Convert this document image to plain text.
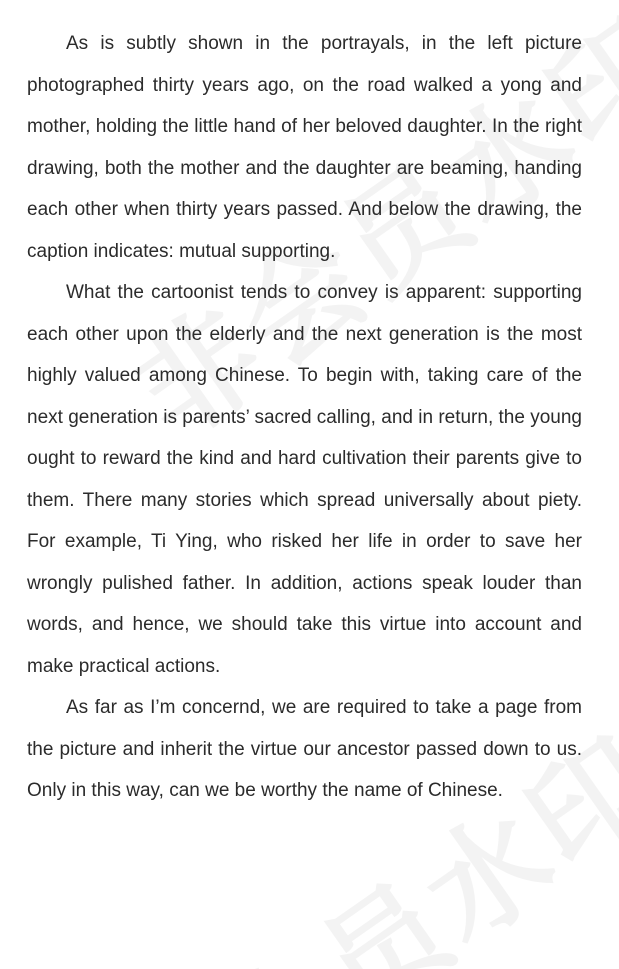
As is subtly shown in the portrayals, in the left picture photographed thirty years ago, on the road walked a yong and mother, holding the little hand of her beloved daughter. In the right drawing, both the mother and the daughter are beaming, handing each other when thirty years passed. And below the drawing, the caption indicates: mutual supporting.

What the cartoonist tends to convey is apparent: supporting each other upon the elderly and the next generation is the most highly valued among Chinese. To begin with, taking care of the next generation is parents’ sacred calling, and in return, the young ought to reward the kind and hard cultivation their parents give to them. There many stories which spread universally about piety. For example, Ti Ying, who risked her life in order to save her wrongly pulished father. In addition, actions speak louder than words, and hence, we should take this virtue into account and make practical actions.

As far as I’m concernd, we are required to take a page from the picture and inherit the virtue our ancestor passed down to us. Only in this way, can we be worthy the name of Chinese.
